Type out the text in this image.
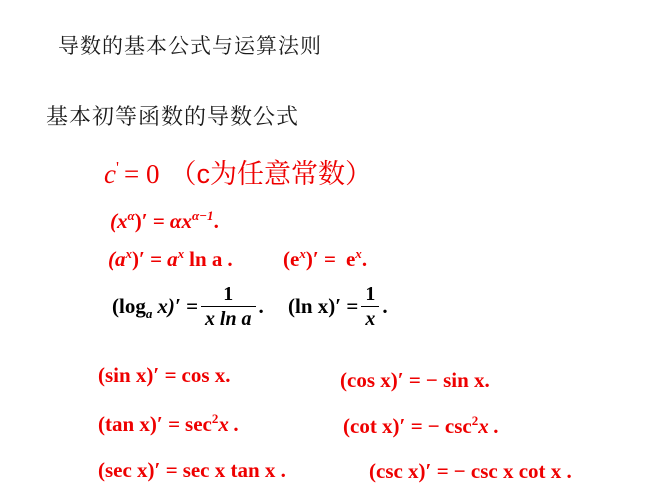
导数的基本公式与运算法则
基本初等函数的导数公式
c' = 0 （c为任意常数）
$(x^\alpha)' = \alpha x^{\alpha-1}$.
$(a^x)' = a^x$ ln a . $(e^x)' = e^x$.
($\log_a$ $x)' = \frac{1}{\text{x ln a}}$ . (ln $x)' = \frac{1}{x}$ .
(sin x)′ = cos x.	(cos x)′ = − sin x.
(tan $x)' = \sec^2x$ .	(cot x)′ = − $\csc^2x$ .
(sec x)′ = sec x tan x .	(csc x)′ = − csc x cot x .
